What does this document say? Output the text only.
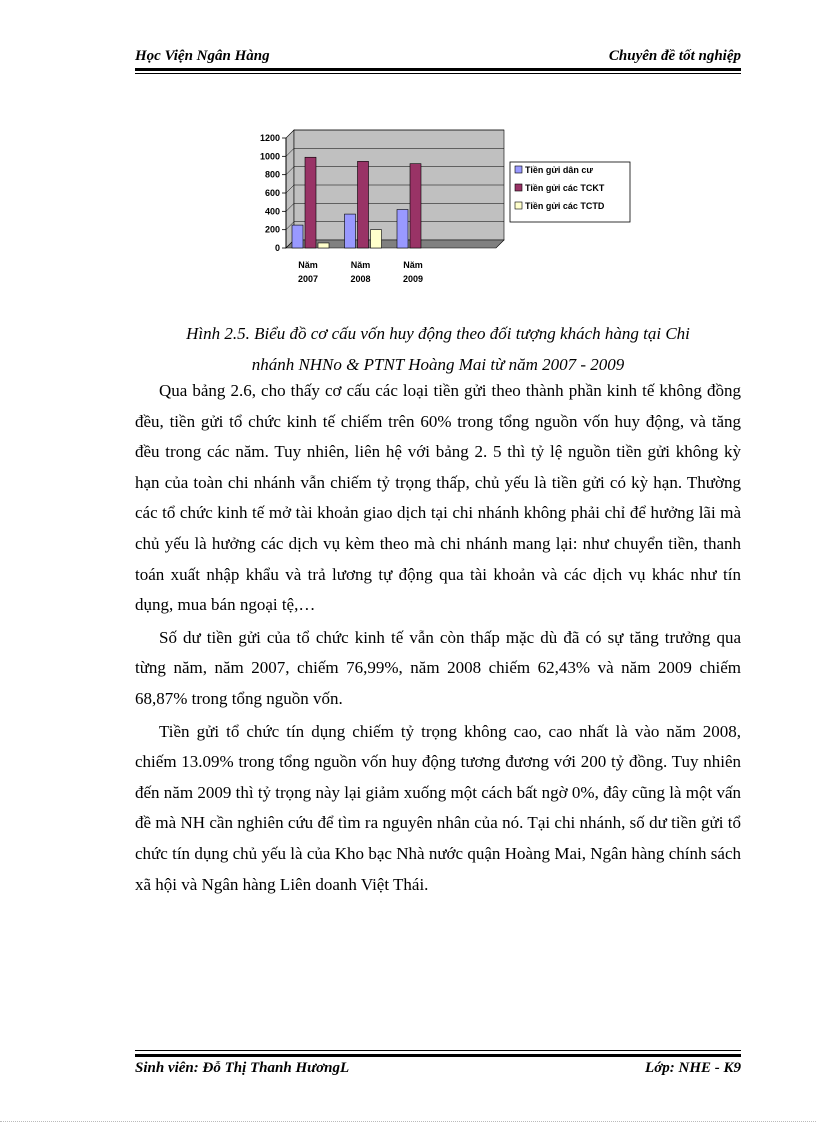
Học Viện Ngân Hàng	Chuyên đề tốt nghiệp
0
200
400
600
800
1000
1200
Năm
2007
Năm
2008
Năm
2009
Tiền gửi dân cư
Tiền gửi các TCKT
Tiền gửi các TCTD
Hình 2.5. Biểu đồ cơ cấu vốn huy động theo đối tượng khách hàng tại Chi
nhánh NHNo & PTNT Hoàng Mai từ năm 2007 - 2009

Qua bảng 2.6, cho thấy cơ cấu các loại tiền gửi theo thành phần kinh tế không đồng đều, tiền gửi tổ chức kinh tế chiếm trên 60% trong tổng nguồn vốn huy động, và tăng đều trong các năm. Tuy nhiên, liên hệ với bảng 2. 5 thì tỷ lệ nguồn tiền gửi không kỳ hạn của toàn chi nhánh vẫn chiếm tỷ trọng thấp, chủ yếu là tiền gửi có kỳ hạn. Thường các tổ chức kinh tế mở tài khoản giao dịch tại chi nhánh không phải chỉ để hưởng lãi mà chủ yếu là hưởng các dịch vụ kèm theo mà chi nhánh mang lại: như chuyển tiền, thanh toán xuất nhập khẩu và trả lương tự động qua tài khoản và các dịch vụ khác như tín dụng, mua bán ngoại tệ,…

Số dư tiền gửi của tổ chức kinh tế vẫn còn thấp mặc dù đã có sự tăng trưởng qua từng năm, năm 2007, chiếm 76,99%, năm 2008 chiếm 62,43% và năm 2009 chiếm 68,87% trong tổng nguồn vốn.

Tiền gửi tổ chức tín dụng chiếm tỷ trọng không cao, cao nhất là vào năm 2008, chiếm 13.09% trong tổng nguồn vốn huy động tương đương với 200 tỷ đồng. Tuy nhiên đến năm 2009 thì tỷ trọng này lại giảm xuống một cách bất ngờ 0%, đây cũng là một vấn đề mà NH cần nghiên cứu để tìm ra nguyên nhân của nó. Tại chi nhánh, số dư tiền gửi tổ chức tín dụng chủ yếu là của Kho bạc Nhà nước quận Hoàng Mai, Ngân hàng chính sách xã hội và Ngân hàng Liên doanh Việt Thái.

Sinh viên: Đỗ Thị Thanh HươngL	Lớp: NHE - K9
